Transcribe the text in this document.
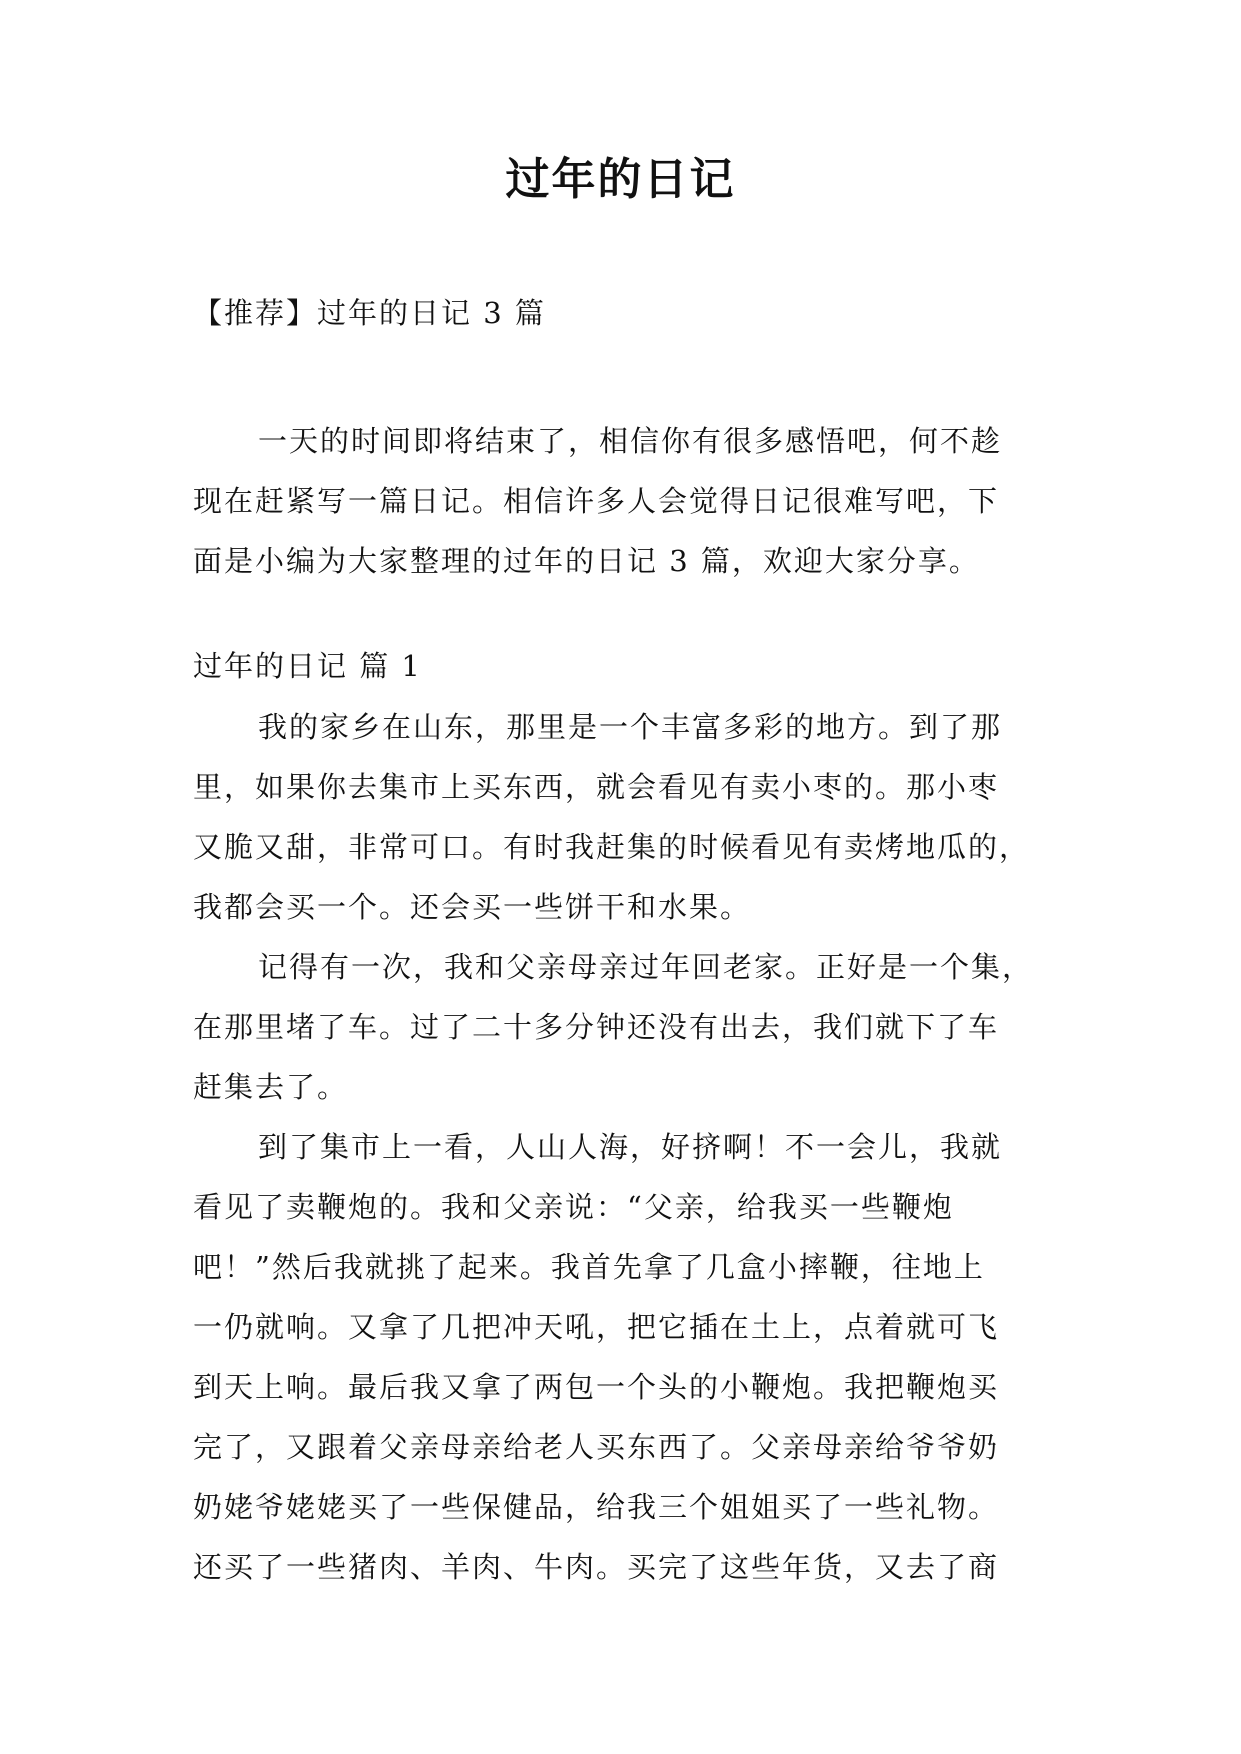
过年的日记
【推荐】过年的日记 3 篇
一天的时间即将结束了，相信你有很多感悟吧，何不趁
现在赶紧写一篇日记。相信许多人会觉得日记很难写吧，下
面是小编为大家整理的过年的日记 3 篇，欢迎大家分享。
过年的日记 篇 1
我的家乡在山东，那里是一个丰富多彩的地方。到了那
里，如果你去集市上买东西，就会看见有卖小枣的。那小枣
又脆又甜，非常可口。有时我赶集的时候看见有卖烤地瓜的，
我都会买一个。还会买一些饼干和水果。
记得有一次，我和父亲母亲过年回老家。正好是一个集，
在那里堵了车。过了二十多分钟还没有出去，我们就下了车
赶集去了。
到了集市上一看，人山人海，好挤啊！不一会儿，我就
看见了卖鞭炮的。我和父亲说：“父亲，给我买一些鞭炮
吧！”然后我就挑了起来。我首先拿了几盒小摔鞭，往地上
一仍就响。又拿了几把冲天吼，把它插在土上，点着就可飞
到天上响。最后我又拿了两包一个头的小鞭炮。我把鞭炮买
完了，又跟着父亲母亲给老人买东西了。父亲母亲给爷爷奶
奶姥爷姥姥买了一些保健品，给我三个姐姐买了一些礼物。
还买了一些猪肉、羊肉、牛肉。买完了这些年货，又去了商
